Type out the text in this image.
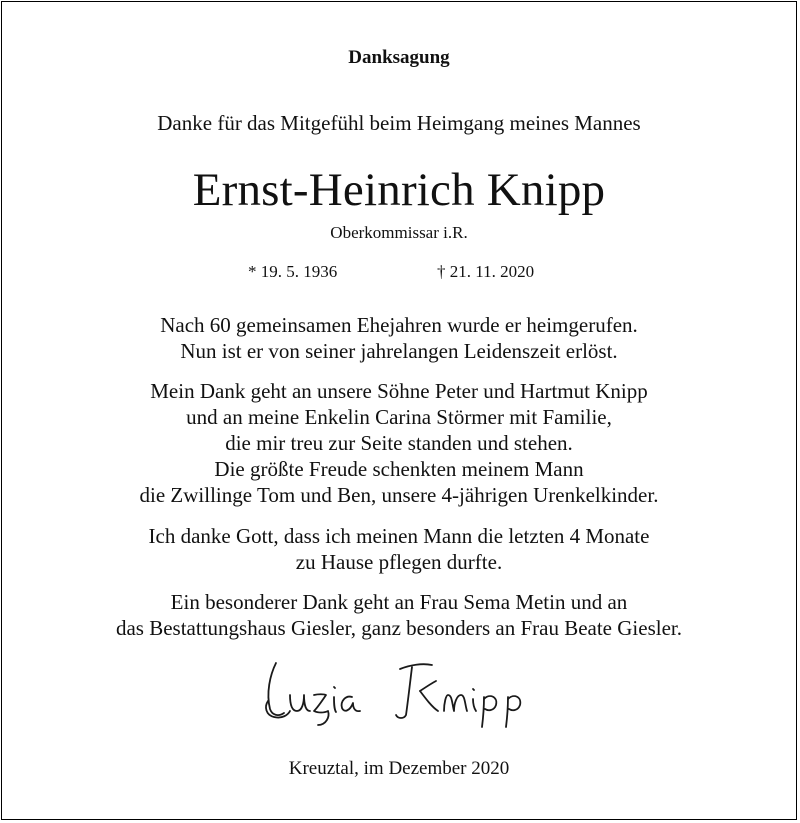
Danksagung
Danke für das Mitgefühl beim Heimgang meines Mannes
Ernst-Heinrich Knipp
Oberkommissar i.R.
* 19. 5. 1936	† 21. 11. 2020
Nach 60 gemeinsamen Ehejahren wurde er heimgerufen.
Nun ist er von seiner jahrelangen Leidenszeit erlöst.
Mein Dank geht an unsere Söhne Peter und Hartmut Knipp
und an meine Enkelin Carina Störmer mit Familie,
die mir treu zur Seite standen und stehen.
Die größte Freude schenkten meinem Mann
die Zwillinge Tom und Ben, unsere 4-jährigen Urenkelkinder.
Ich danke Gott, dass ich meinen Mann die letzten 4 Monate
zu Hause pflegen durfte.
Ein besonderer Dank geht an Frau Sema Metin und an
das Bestattungshaus Giesler, ganz besonders an Frau Beate Giesler.
Kreuztal, im Dezember 2020
